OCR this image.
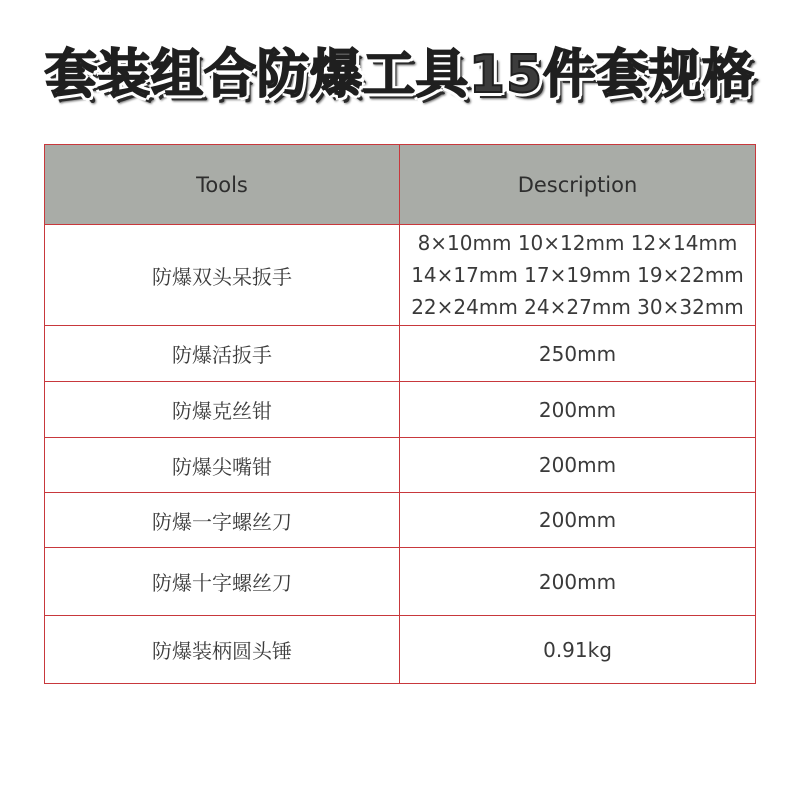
套装组合防爆工具15件套规格
Tools	Description
防爆双头呆扳手	8×10mm 10×12mm 12×14mm
14×17mm 17×19mm 19×22mm
22×24mm 24×27mm 30×32mm

防爆活扳手	250mm
防爆克丝钳	200mm
防爆尖嘴钳	200mm
防爆一字螺丝刀	200mm
防爆十字螺丝刀	200mm
防爆装柄圆头锤	0.91kg
